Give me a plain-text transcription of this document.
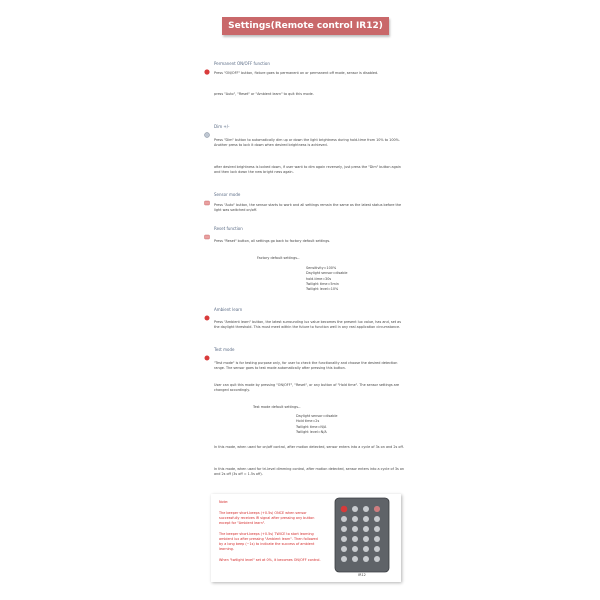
Settings(Remote control IR12)
Permanent ON/OFF function
Press "ON/OFF" button, fixture goes to permanent on or permanent off mode, sensor is disabled.
press "Auto", "Reset" or "Ambient learn" to quit this mode.
Dim +/-
Press "Dim" button to automatically dim up or down the light brightness during hold-time from 10% to 100%. Another press to lock it down when desired brightness is achieved.
after desired brightness is locked down, if user want to dim again reversely, just press the "Dim" button again and then lock down the new bright ness again.
Sensor mode
Press "Auto" button, the sensor starts to work and all settings remain the same as the latest status before the light was switched on/off.
Reset function
Press "Reset" button, all settings go back to factory default settings.
Factory default settings--
Sensitivity=100%
Daylight sensor=disable
hold-time=30s
Twilight time=5min
Twilight level=10%
Ambient learn
Press "Ambient learn" button, the latest surrounding lux value becomes the present lux value, has and, set as the daylight threshold. This must meet within the future to function well in any real application circumstance.
Test mode
"Test mode" is for testing purpose only, for user to check the functionality and choose the desired detection range. The sensor goes to test mode automatically after pressing this button.
User can quit this mode by pressing "ON/OFF", "Reset", or any button of "Hold time". The sensor settings are changed accordingly.
Test mode default settings--
Daylight sensor=disable
Hold time=2s
Twilight time=N/A
Twilight level=N/A
In this mode, when used for on/off control, after motion detected, sensor enters into a cycle of 3s on and 2s off.
In this mode, when used for tri-level dimming control, after motion detected, sensor enters into a cycle of 3s on and 2s off (3s off = 1.5s off).
Note:
The beeper short-beeps (+0.5s) ONCE when sensor successfully receives IR signal after pressing any button except for "Ambient learn".
The beeper short-beeps (+0.5s) TWICE to start learning ambient lux after pressing "Ambient learn". Then followed by a long beep (~1s) to indicate the success of ambient learning.
When "twilight level" set at 0%, it becomes ON/OFF control.
IR12
